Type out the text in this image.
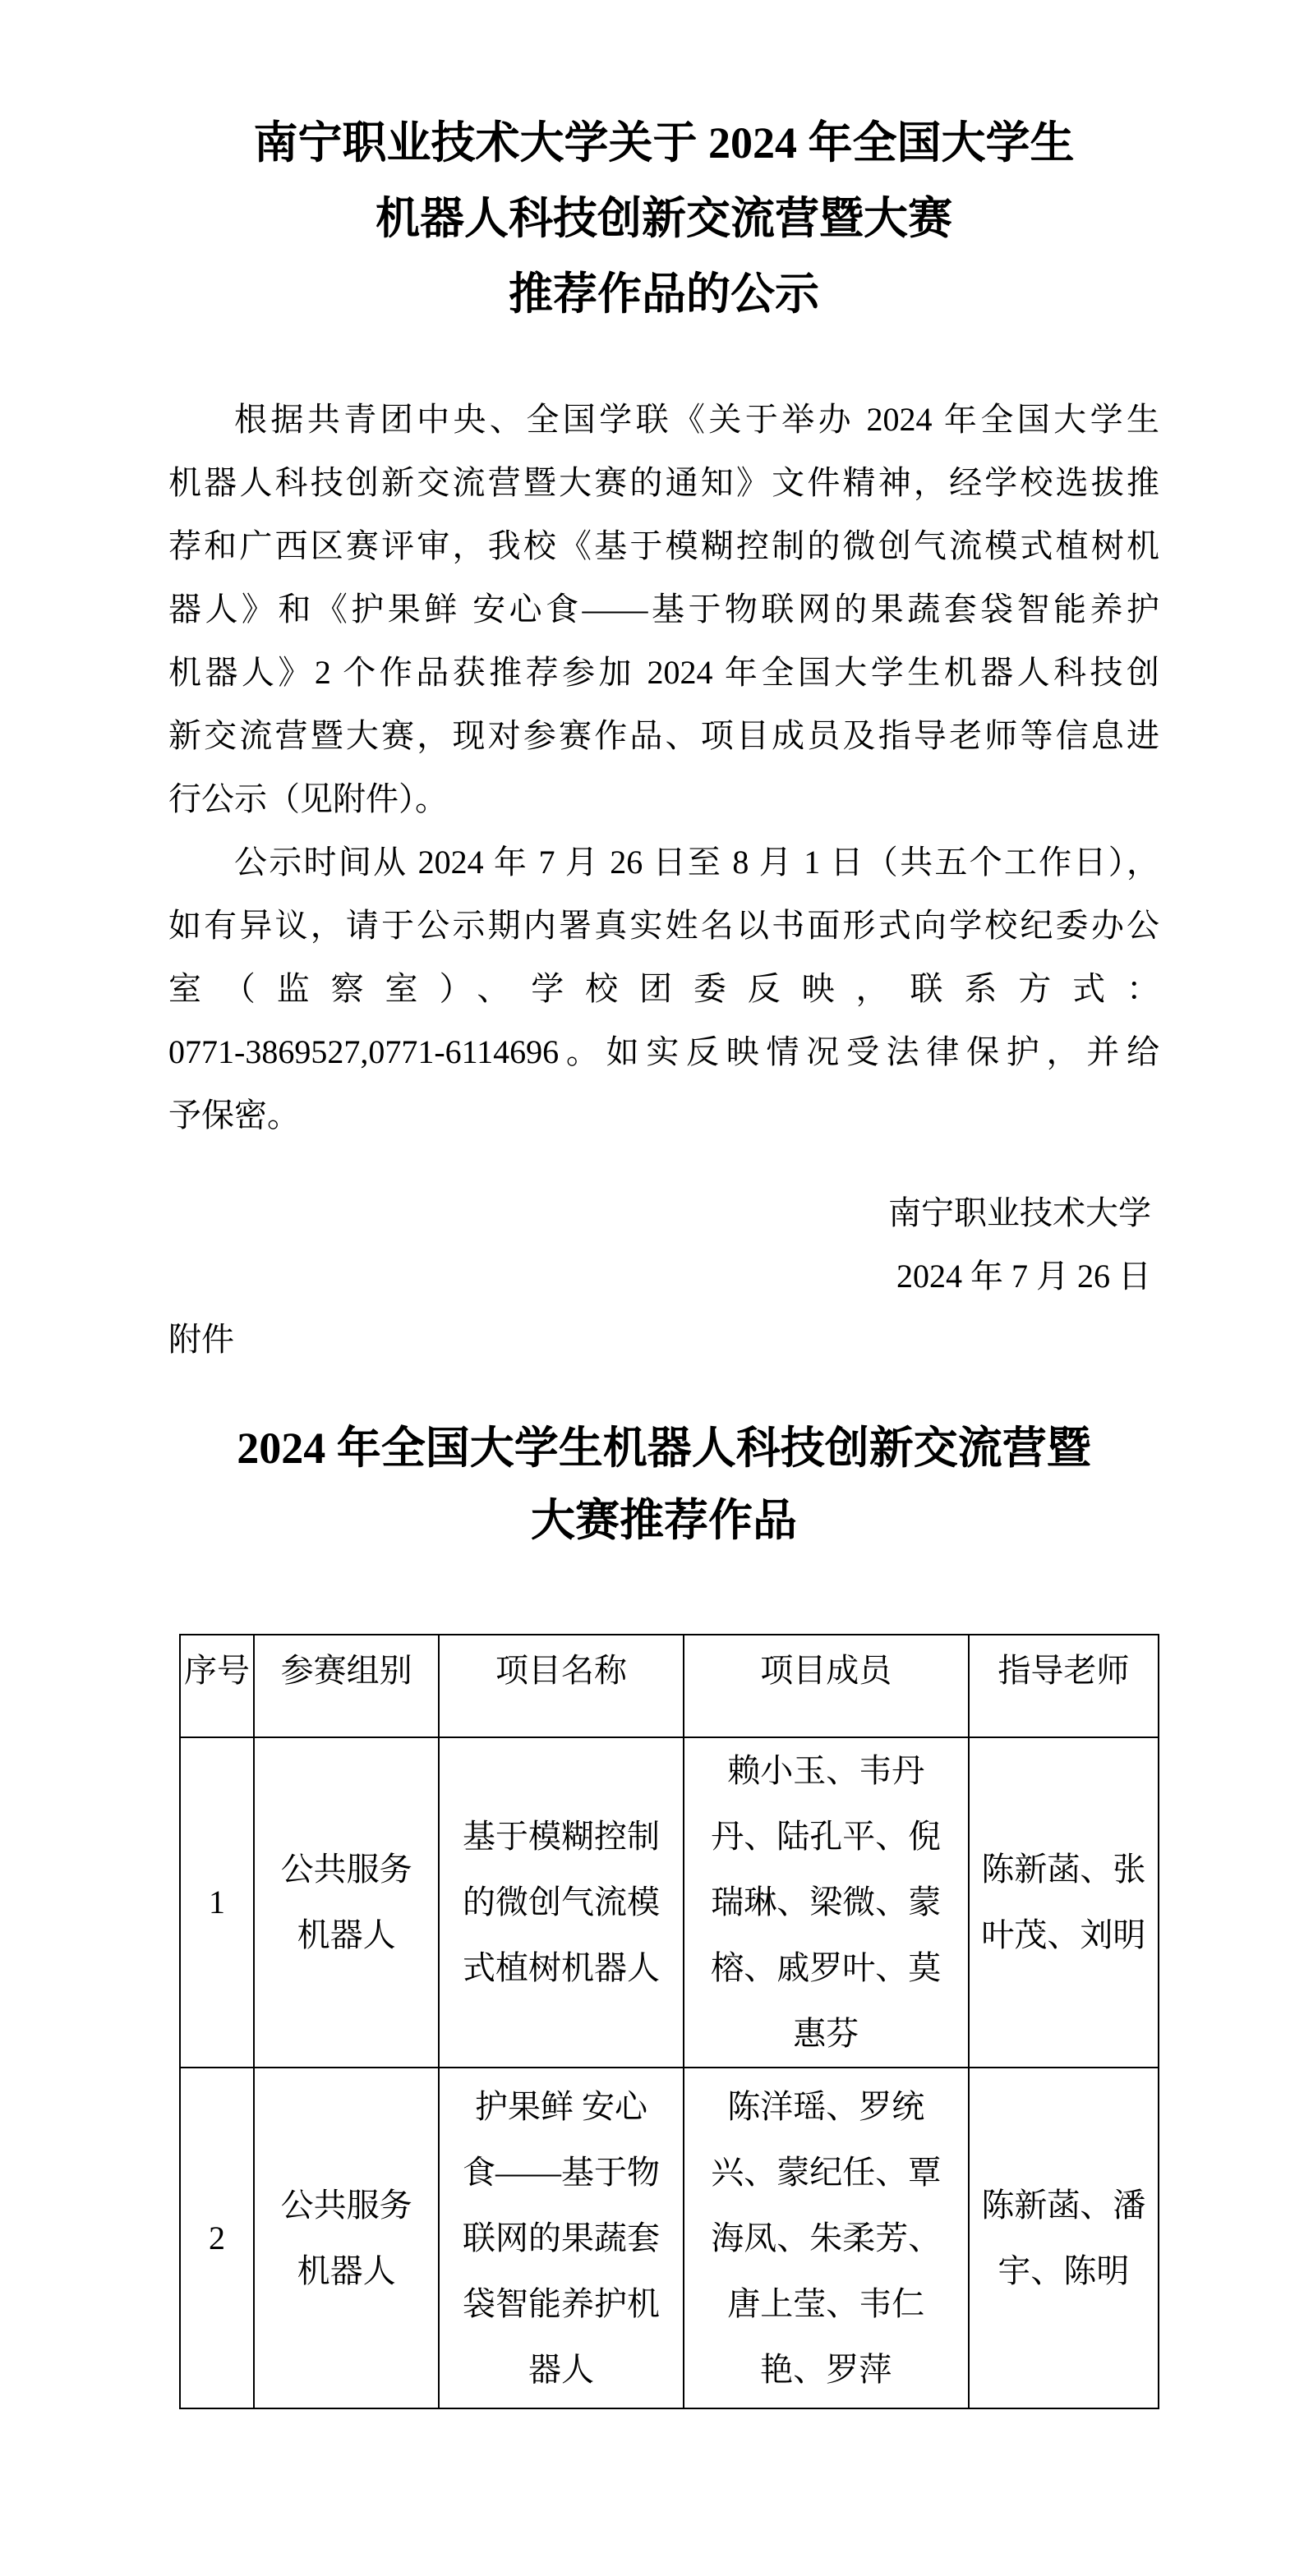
南宁职业技术大学关于 2024 年全国大学生
机器人科技创新交流营暨大赛
推荐作品的公示
根据共青团中央、全国学联《关于举办 2024 年全国大学生
机器人科技创新交流营暨大赛的通知》文件精神，经学校选拔推
荐和广西区赛评审，我校《基于模糊控制的微创气流模式植树机
器人》和《护果鲜 安心食——基于物联网的果蔬套袋智能养护
机器人》2 个作品获推荐参加 2024 年全国大学生机器人科技创
新交流营暨大赛，现对参赛作品、项目成员及指导老师等信息进
行公示（见附件）。
公示时间从 2024 年 7 月 26 日至 8 月 1 日（共五个工作日），
如有异议，请于公示期内署真实姓名以书面形式向学校纪委办公
室（监察室）、学校团委反映，联系方式：
0771-3869527,0771-6114696。如实反映情况受法律保护，并给
予保密。
南宁职业技术大学
2024 年 7 月 26 日
附件
2024 年全国大学生机器人科技创新交流营暨
大赛推荐作品
序号	参赛组别	项目名称	项目成员	指导老师
1	公共服务机器人	基于模糊控制的微创气流模式植树机器人	赖小玉、韦丹丹、陆孔平、倪瑞琳、梁微、蒙榕、戚罗叶、莫惠芬	陈新菡、张叶茂、刘明
2	公共服务机器人	护果鲜 安心食——基于物联网的果蔬套袋智能养护机器人	陈洋瑶、罗统兴、蒙纪任、覃海凤、朱柔芳、唐上莹、韦仁艳、罗萍	陈新菡、潘宇、陈明
